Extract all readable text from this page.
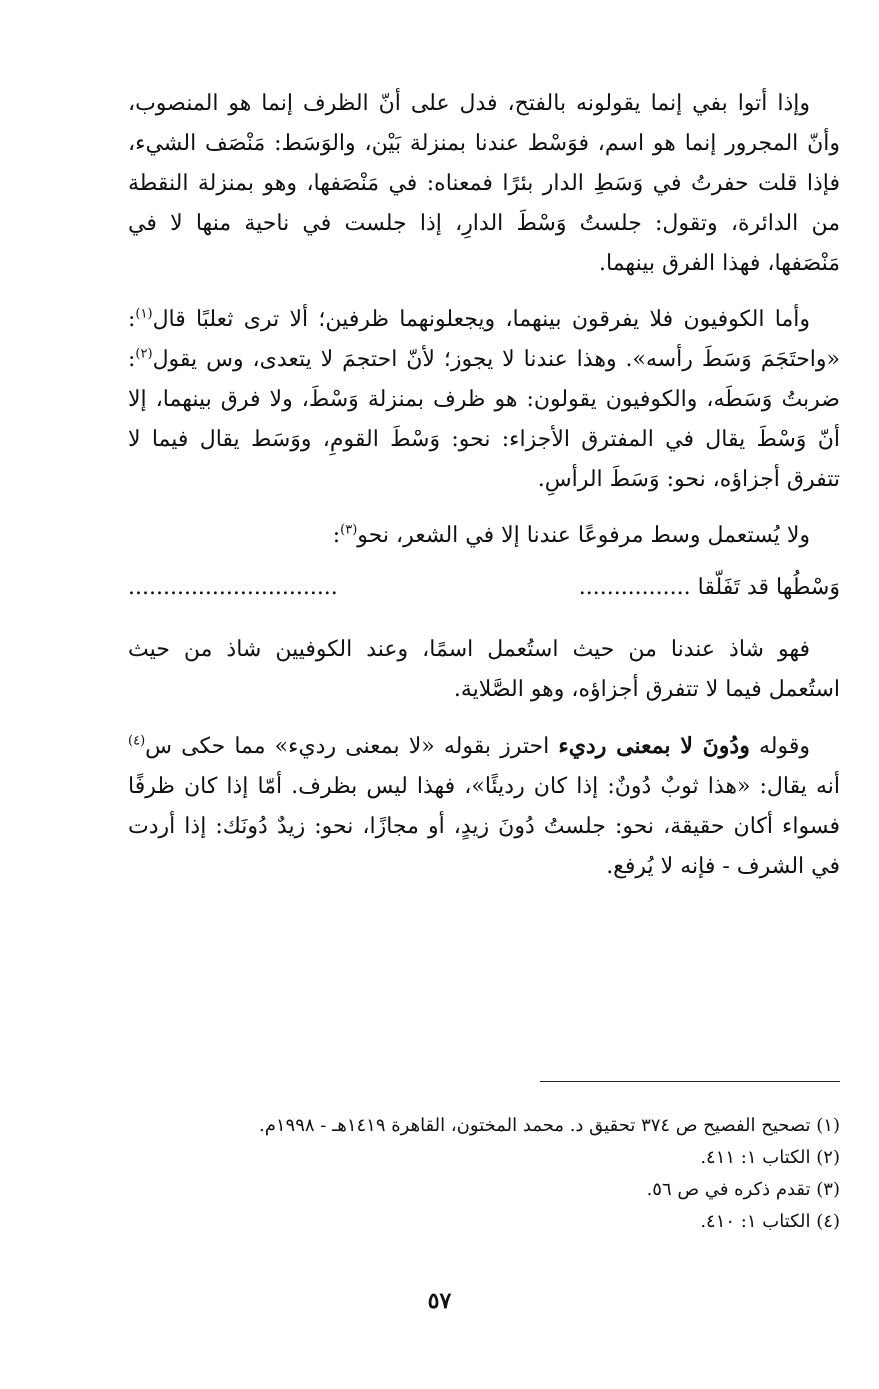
وإذا أتوا بفي إنما يقولونه بالفتح، فدل على أنّ الظرف إنما هو المنصوب، وأنّ المجرور إنما هو اسم، فوَسْط عندنا بمنزلة بَيْن، والوَسَط: مَنْصَف الشيء، فإذا قلت حفرتُ في وَسَطِ الدار بئرًا فمعناه: في مَنْصَفها، وهو بمنزلة النقطة من الدائرة، وتقول: جلستُ وَسْطَ الدارِ، إذا جلست في ناحية منها لا في مَنْصَفها، فهذا الفرق بينهما.

وأما الكوفيون فلا يفرقون بينهما، ويجعلونهما ظرفين؛ ألا ترى ثعلبًا قال$^{(١)}$: «واحتَجَمَ وَسَطَ رأسه». وهذا عندنا لا يجوز؛ لأنّ احتجمَ لا يتعدى، وس يقول$^{(٢)}$: ضربتُ وَسَطَه، والكوفيون يقولون: هو ظرف بمنزلة وَسْطَ، ولا فرق بينهما، إلا أنّ وَسْطَ يقال في المفترق الأجزاء: نحو: وَسْطَ القومِ، ووَسَط يقال فيما لا تتفرق أجزاؤه، نحو: وَسَطَ الرأسِ.

ولا يُستعمل وسط مرفوعًا عندنا إلا في الشعر، نحو$^{(٣)}$:

وَسْطُها قد تَفَلّقا ................
..............................

فهو شاذ عندنا من حيث استُعمل اسمًا، وعند الكوفيين شاذ من حيث استُعمل فيما لا تتفرق أجزاؤه، وهو الصَّلاية.

وقوله ودُونَ لا بمعنى رديء احترز بقوله «لا بمعنى رديء» مما حكى س$^{(٤)}$ أنه يقال: «هذا ثوبٌ دُونٌ: إذا كان رديئًا»، فهذا ليس بظرف. أمّا إذا كان ظرفًا فسواء أكان حقيقة، نحو: جلستُ دُونَ زيدٍ، أو مجازًا، نحو: زيدٌ دُونَك: إذا أردت في الشرف - فإنه لا يُرفع.

(١) تصحيح الفصيح ص ٣٧٤ تحقيق د. محمد المختون، القاهرة ١٤١٩هـ - ١٩٩٨م.

(٢) الكتاب ١: ٤١١.

(٣) تقدم ذكره في ص ٥٦.

(٤) الكتاب ١: ٤١٠.

٥٧
